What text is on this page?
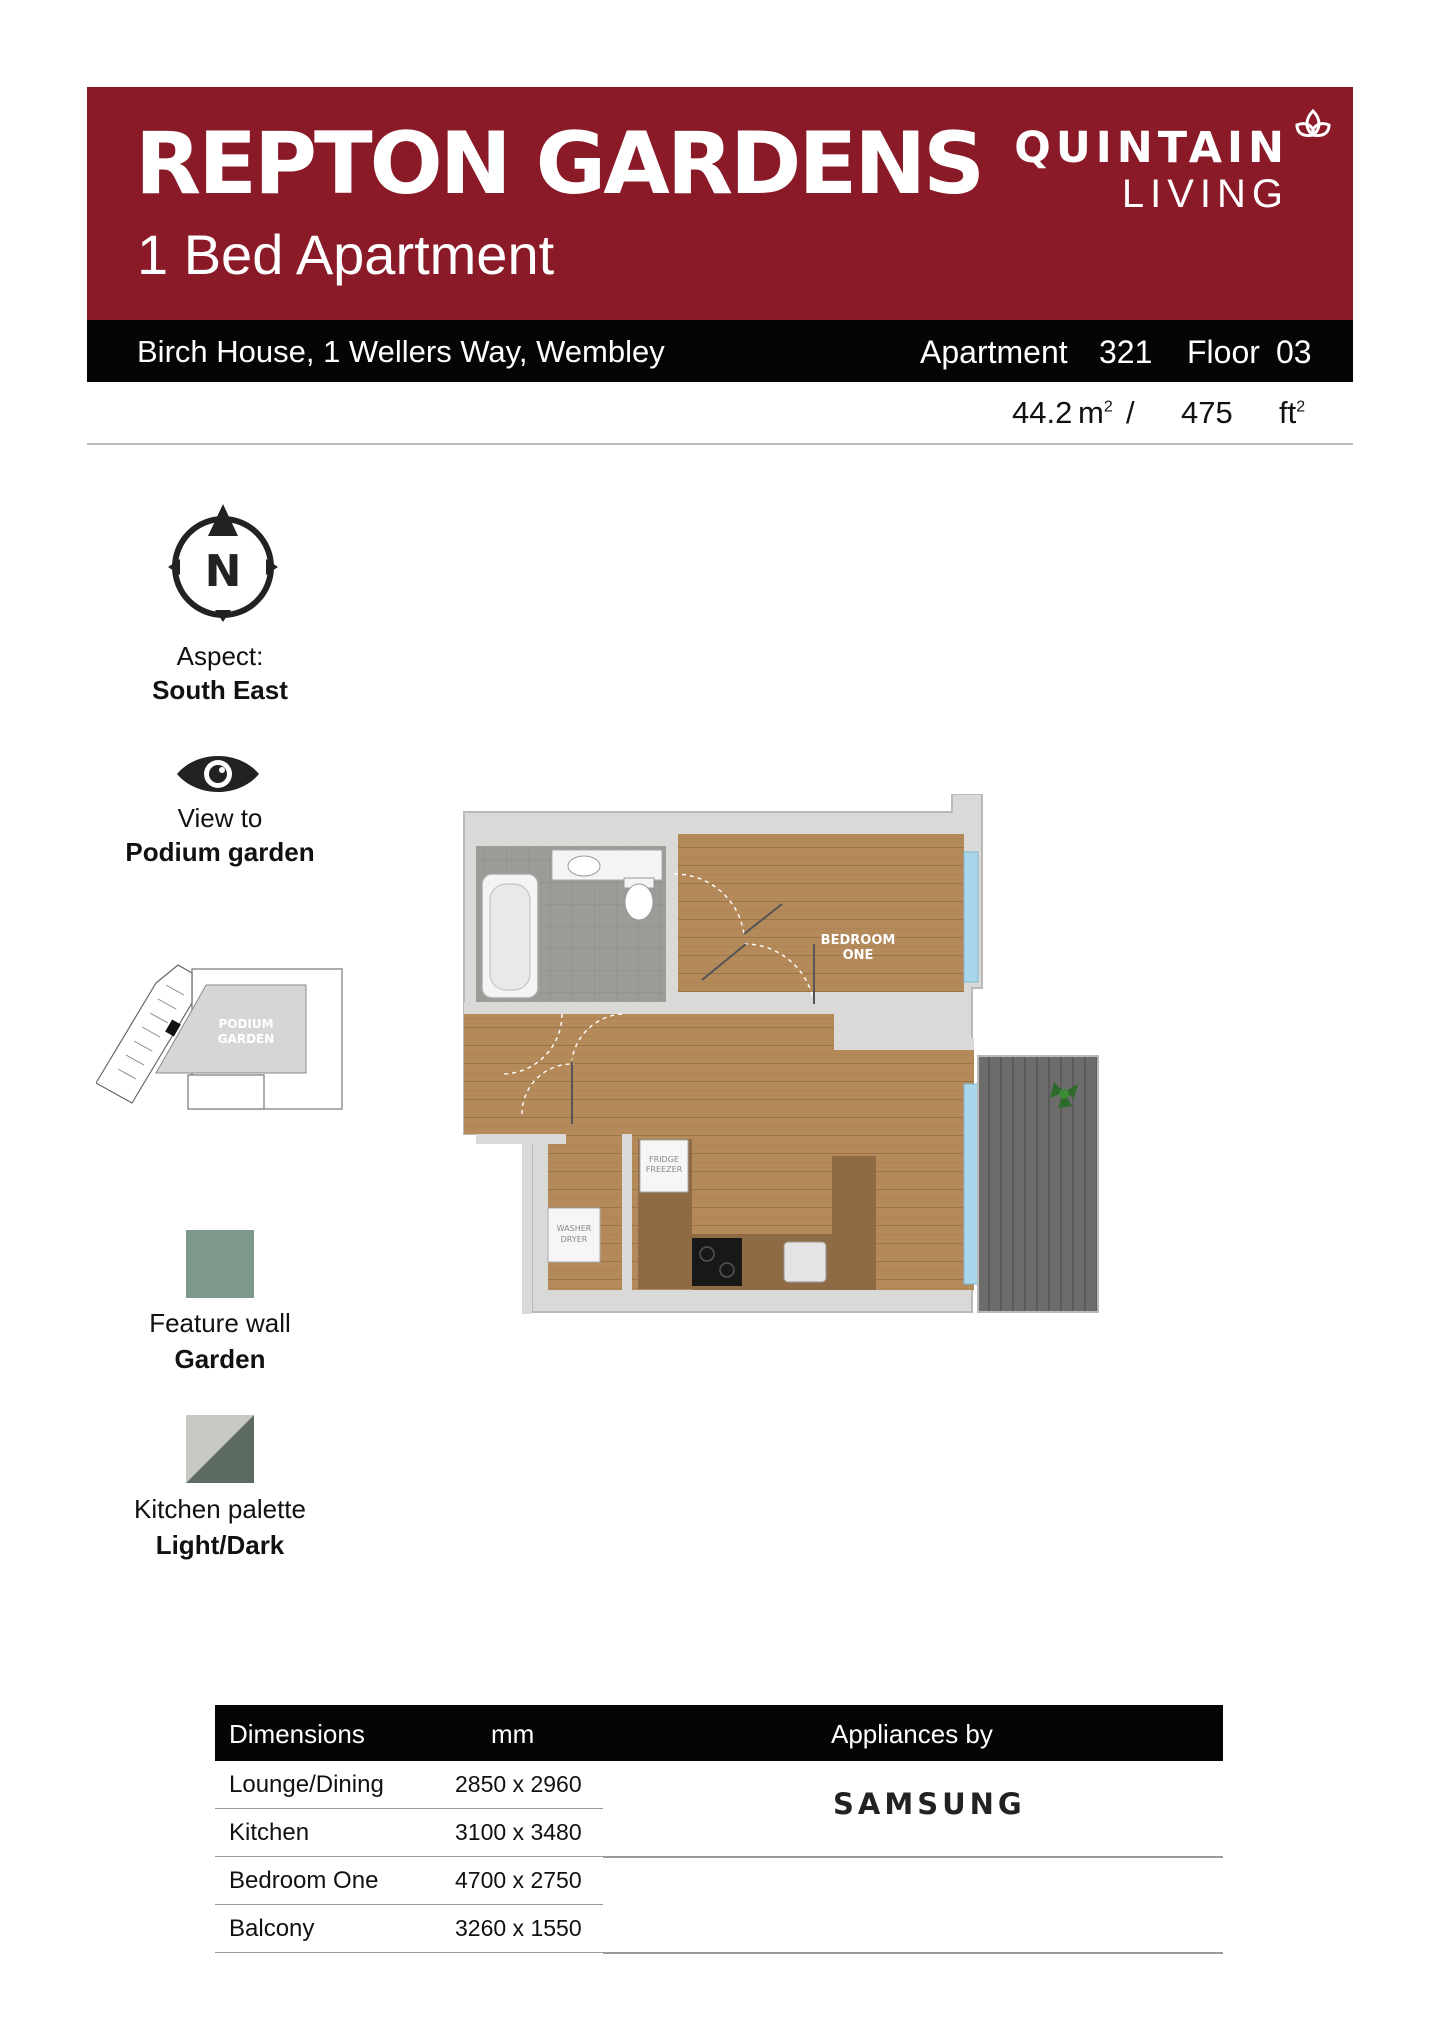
REPTON GARDENS
1 Bed Apartment
QUINTAIN
LIVING
Birch House, 1 Wellers Way, Wembley	Apartment 321 Floor 03
44.2 $m^2 / 475$ $ft^2$
N
Aspect:
South East
View to
Podium garden
PODIUM
GARDEN
FRIDGE
FREEZER
WASHER
DRYER
BEDROOM
ONE
Feature wall
Garden
Kitchen palette
Light/Dark
Dimensions	mm	Appliances by
Lounge/Dining	2850 x 2960
Kitchen	3100 x 3480
Bedroom One	4700 x 2750
Balcony	3260 x 1550
SAMSUNG
